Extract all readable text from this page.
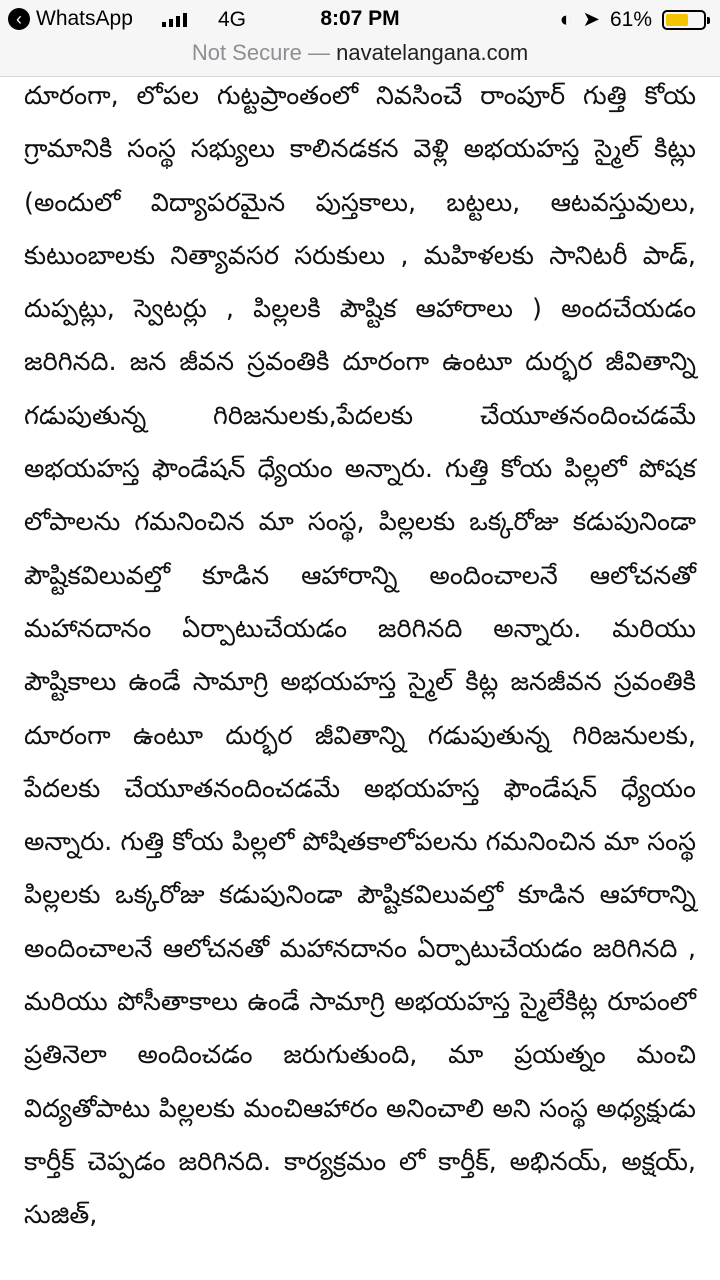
‹ WhatsApp	4G	8:07 PM	◐ ➤ 61%
Not Secure — navatelangana.com

దూరంగా, లోపల గుట్టప్రాంతంలో నివసించే రాంపూర్ గుత్తి కోయ గ్రామానికి సంస్థ సభ్యులు కాలినడకన వెళ్లి అభయహస్త స్మైల్ కిట్లు (అందులో విద్యాపరమైన పుస్తకాలు, బట్టలు, ఆటవస్తువులు, కుటుంబాలకు నిత్యావసర సరుకులు , మహిళలకు సానిటరీ పాడ్, దుప్పట్లు, స్వెటర్లు , పిల్లలకి పౌష్టిక ఆహారాలు ) అందచేయడం జరిగినది. జన జీవన స్రవంతికి దూరంగా ఉంటూ దుర్భర జీవితాన్ని గడుపుతున్న గిరిజనులకు,పేదలకు చేయూతనందించడమే అభయహస్త ఫౌండేషన్ ధ్యేయం అన్నారు. గుత్తి కోయ పిల్లలో పోషక లోపాలను గమనించిన మా సంస్థ, పిల్లలకు ఒక్కరోజు కడుపునిండా పౌష్టికవిలువల్తో కూడిన ఆహారాన్ని అందించాలనే ఆలోచనతో మహానదానం ఏర్పాటుచేయడం జరిగినది అన్నారు. మరియు పౌష్టికాలు ఉండే సామాగ్రి అభయహస్త స్మైల్ కిట్ల జనజీవన స్రవంతికి దూరంగా ఉంటూ దుర్భర జీవితాన్ని గడుపుతున్న గిరిజనులకు, పేదలకు చేయూతనందించడమే అభయహస్త ఫౌండేషన్ ధ్యేయం అన్నారు. గుత్తి కోయ పిల్లలో పోషితకాలోపలను గమనించిన మా సంస్థ పిల్లలకు ఒక్కరోజు కడుపునిండా పౌష్టికవిలువల్తో కూడిన ఆహారాన్ని అందించాలనే ఆలోచనతో మహానదానం ఏర్పాటుచేయడం జరిగినది , మరియు పోసీతాకాలు ఉండే సామాగ్రి అభయహస్త స్మైలేకిట్ల రూపంలో ప్రతినెలా అందించడం జరుగుతుంది, మా ప్రయత్నం మంచి విద్యతోపాటు పిల్లలకు మంచిఆహారం అనించాలి అని సంస్థ అధ్యక్షుడు కార్తీక్ చెప్పడం జరిగినది. కార్యక్రమం లో కార్తీక్, అభినయ్, అక్షయ్, సుజిత్,
